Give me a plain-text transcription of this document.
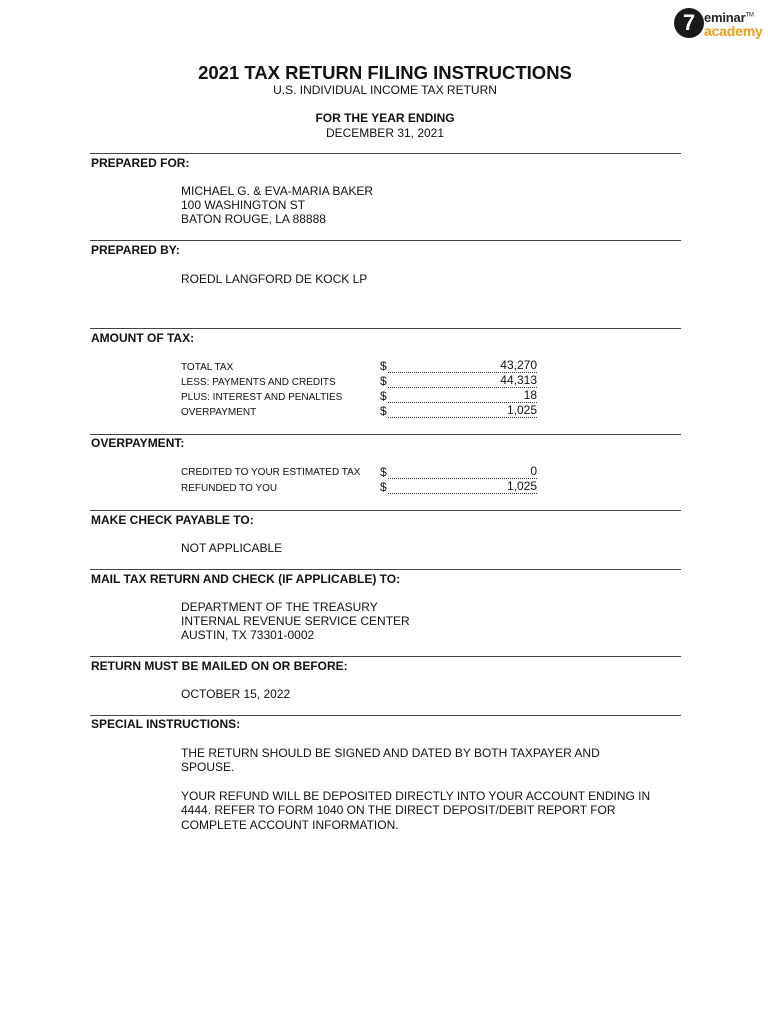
7 eminar™
academy
2021 TAX RETURN FILING INSTRUCTIONS
U.S. INDIVIDUAL INCOME TAX RETURN
FOR THE YEAR ENDING
DECEMBER 31, 2021
PREPARED FOR:
MICHAEL G. & EVA-MARIA BAKER
100 WASHINGTON ST
BATON ROUGE, LA 88888
PREPARED BY:
ROEDL LANGFORD DE KOCK LP
AMOUNT OF TAX:
TOTAL TAX	$	43,270
LESS: PAYMENTS AND CREDITS	$	44,313
PLUS: INTEREST AND PENALTIES	$	18
OVERPAYMENT	$	1,025
OVERPAYMENT:
CREDITED TO YOUR ESTIMATED TAX $	0
REFUNDED TO YOU	$	1,025
MAKE CHECK PAYABLE TO:
NOT APPLICABLE
MAIL TAX RETURN AND CHECK (IF APPLICABLE) TO:
DEPARTMENT OF THE TREASURY
INTERNAL REVENUE SERVICE CENTER
AUSTIN, TX 73301-0002
RETURN MUST BE MAILED ON OR BEFORE:
OCTOBER 15, 2022
SPECIAL INSTRUCTIONS:
THE RETURN SHOULD BE SIGNED AND DATED BY BOTH TAXPAYER AND SPOUSE.
YOUR REFUND WILL BE DEPOSITED DIRECTLY INTO YOUR ACCOUNT ENDING IN 4444. REFER TO FORM 1040 ON THE DIRECT DEPOSIT/DEBIT REPORT FOR COMPLETE ACCOUNT INFORMATION.
